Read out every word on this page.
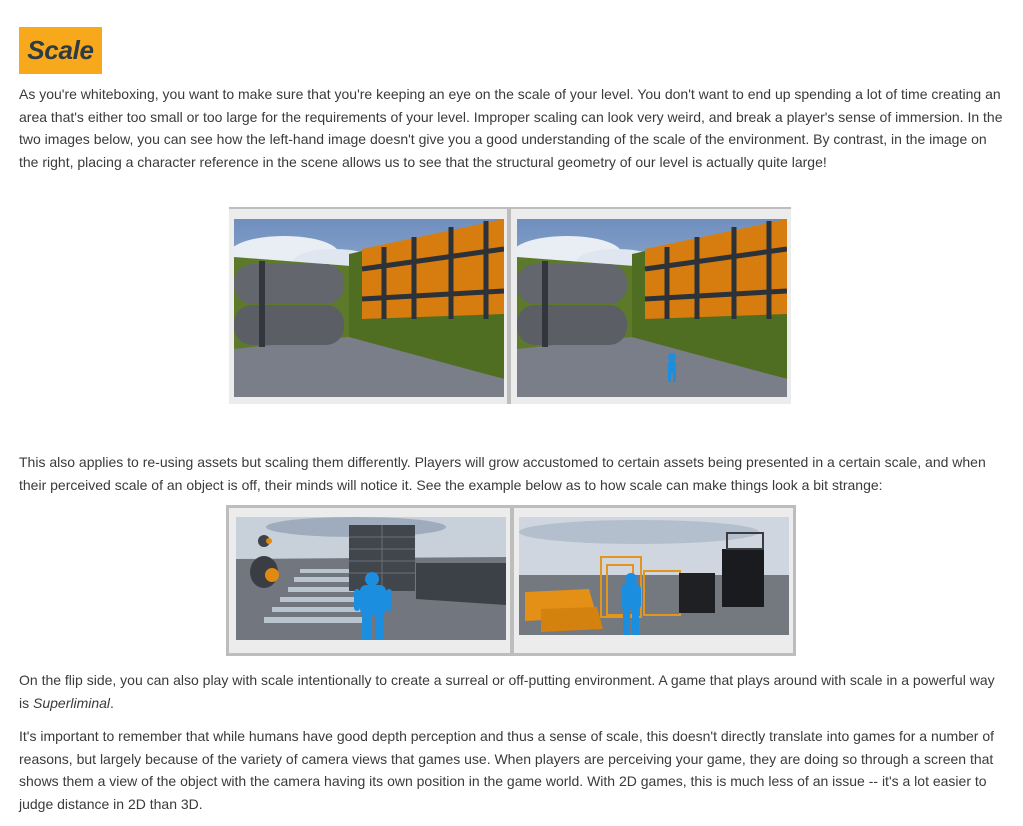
Scale

As you're whiteboxing, you want to make sure that you're keeping an eye on the scale of your level. You don't want to end up spending a lot of time creating an area that's either too small or too large for the requirements of your level. Improper scaling can look very weird, and break a player's sense of immersion. In the two images below, you can see how the left-hand image doesn't give you a good understanding of the scale of the environment. By contrast, in the image on the right, placing a character reference in the scene allows us to see that the structural geometry of our level is actually quite large!

This also applies to re-using assets but scaling them differently. Players will grow accustomed to certain assets being presented in a certain scale, and when their perceived scale of an object is off, their minds will notice it. See the example below as to how scale can make things look a bit strange:

On the flip side, you can also play with scale intentionally to create a surreal or off-putting environment. A game that plays around with scale in a powerful way is Superliminal.

It's important to remember that while humans have good depth perception and thus a sense of scale, this doesn't directly translate into games for a number of reasons, but largely because of the variety of camera views that games use. When players are perceiving your game, they are doing so through a screen that shows them a view of the object with the camera having its own position in the game world. With 2D games, this is much less of an issue -- it's a lot easier to judge distance in 2D than 3D.
